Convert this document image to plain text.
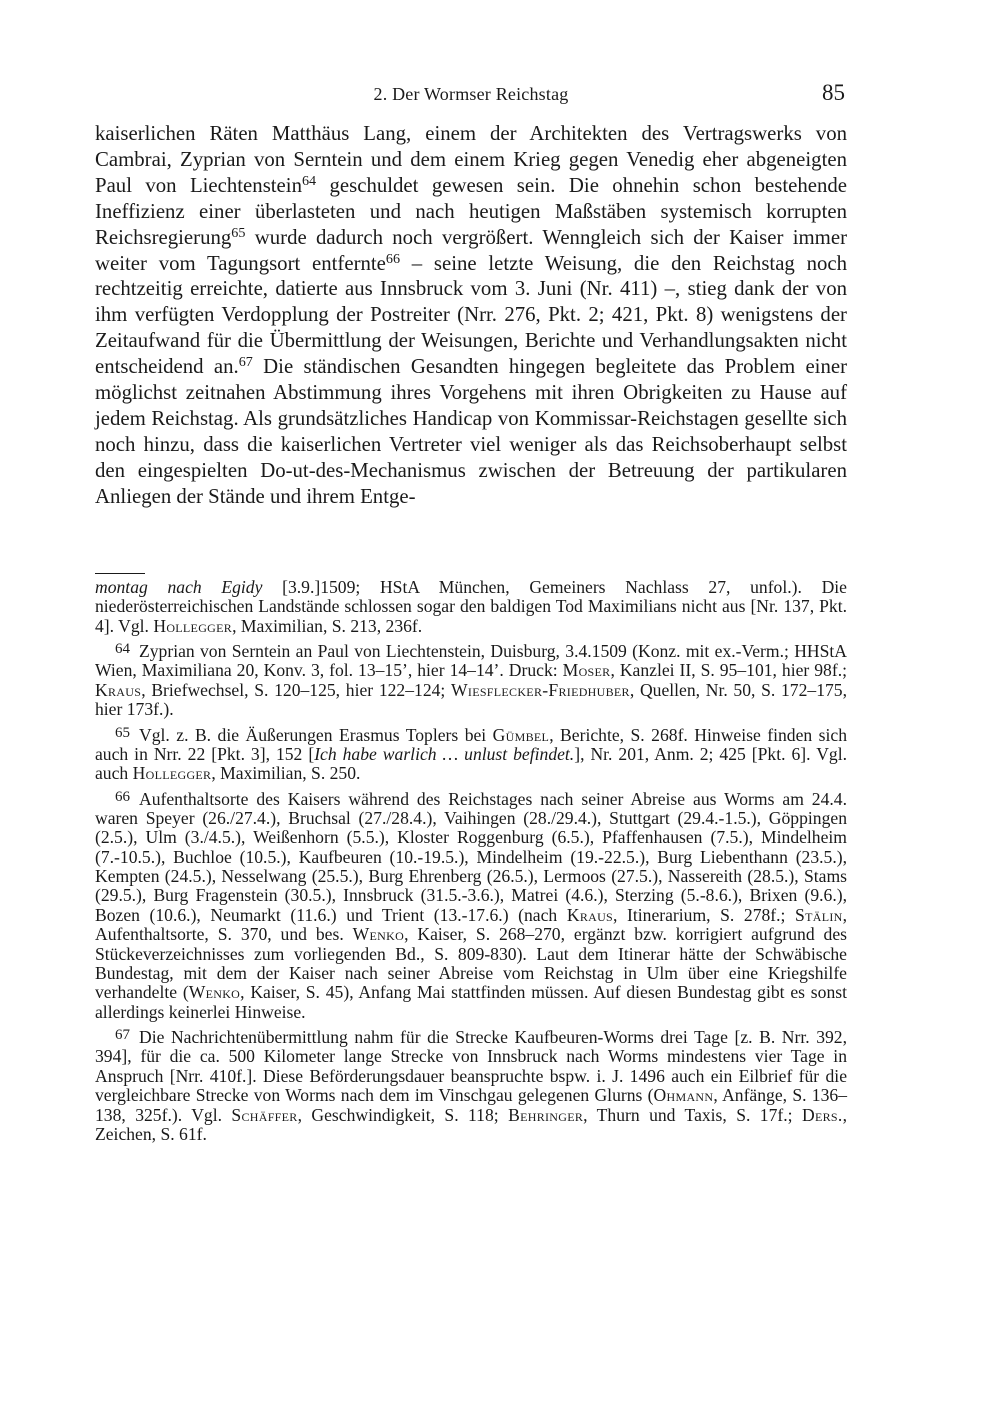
2. Der Wormser Reichstag	85

kaiserlichen Räten Matthäus Lang, einem der Architekten des Vertragswerks von Cambrai, Zyprian von Serntein und dem einem Krieg gegen Venedig eher abgeneigten Paul von Liechtenstein$^{64}$ geschuldet gewesen sein. Die ohnehin schon bestehende Ineffizienz einer überlasteten und nach heutigen Maßstäben systemisch korrupten Reichsregierung$^{65}$ wurde dadurch noch vergrößert. Wenngleich sich der Kaiser immer weiter vom Tagungsort entfernte$^{66}$ – seine letzte Weisung, die den Reichstag noch rechtzeitig erreichte, datierte aus Innsbruck vom 3. Juni (Nr. 411) –, stieg dank der von ihm verfügten Verdopplung der Postreiter (Nrr. 276, Pkt. 2; 421, Pkt. 8) wenigstens der Zeitaufwand für die Übermittlung der Weisungen, Berichte und Verhandlungsakten nicht entscheidend an.$^{67}$ Die ständischen Gesandten hingegen begleitete das Problem einer möglichst zeitnahen Abstimmung ihres Vorgehens mit ihren Obrigkeiten zu Hause auf jedem Reichstag. Als grundsätzliches Handicap von Kommissar-Reichstagen gesellte sich noch hinzu, dass die kaiserlichen Vertreter viel weniger als das Reichsoberhaupt selbst den eingespielten Do-ut-des-Mechanismus zwischen der Betreuung der partikularen Anliegen der Stände und ihrem Entge-

montag nach Egidy [3.9.]1509; HStA München, Gemeiners Nachlass 27, unfol.). Die niederösterreichischen Landstände schlossen sogar den baldigen Tod Maximilians nicht aus [Nr. 137, Pkt. 4]. Vgl. Hollegger, Maximilian, S. 213, 236f.

64 Zyprian von Serntein an Paul von Liechtenstein, Duisburg, 3.4.1509 (Konz. mit ex.-Verm.; HHStA Wien, Maximiliana 20, Konv. 3, fol. 13–15’, hier 14–14’. Druck: Moser, Kanzlei II, S. 95–101, hier 98f.; Kraus, Briefwechsel, S. 120–125, hier 122–124; Wiesflecker-Friedhuber, Quellen, Nr. 50, S. 172–175, hier 173f.).

65 Vgl. z. B. die Äußerungen Erasmus Toplers bei Gümbel, Berichte, S. 268f. Hinweise finden sich auch in Nrr. 22 [Pkt. 3], 152 [Ich habe warlich … unlust befindet.], Nr. 201, Anm. 2; 425 [Pkt. 6]. Vgl. auch Hollegger, Maximilian, S. 250.

66 Aufenthaltsorte des Kaisers während des Reichstages nach seiner Abreise aus Worms am 24.4. waren Speyer (26./27.4.), Bruchsal (27./28.4.), Vaihingen (28./29.4.), Stuttgart (29.4.-1.5.), Göppingen (2.5.), Ulm (3./4.5.), Weißenhorn (5.5.), Kloster Roggenburg (6.5.), Pfaffenhausen (7.5.), Mindelheim (7.-10.5.), Buchloe (10.5.), Kaufbeuren (10.-19.5.), Mindelheim (19.-22.5.), Burg Liebenthann (23.5.), Kempten (24.5.), Nesselwang (25.5.), Burg Ehrenberg (26.5.), Lermoos (27.5.), Nassereith (28.5.), Stams (29.5.), Burg Fragenstein (30.5.), Innsbruck (31.5.-3.6.), Matrei (4.6.), Sterzing (5.-8.6.), Brixen (9.6.), Bozen (10.6.), Neumarkt (11.6.) und Trient (13.-17.6.) (nach Kraus, Itinerarium, S. 278f.; Stälin, Aufenthaltsorte, S. 370, und bes. Wenko, Kaiser, S. 268–270, ergänzt bzw. korrigiert aufgrund des Stückeverzeichnisses zum vorliegenden Bd., S. 809-830). Laut dem Itinerar hätte der Schwäbische Bundestag, mit dem der Kaiser nach seiner Abreise vom Reichstag in Ulm über eine Kriegshilfe verhandelte (Wenko, Kaiser, S. 45), Anfang Mai stattfinden müssen. Auf diesen Bundestag gibt es sonst allerdings keinerlei Hinweise.

67 Die Nachrichtenübermittlung nahm für die Strecke Kaufbeuren-Worms drei Tage [z. B. Nrr. 392, 394], für die ca. 500 Kilometer lange Strecke von Innsbruck nach Worms mindestens vier Tage in Anspruch [Nrr. 410f.]. Diese Beförderungsdauer beanspruchte bspw. i. J. 1496 auch ein Eilbrief für die vergleichbare Strecke von Worms nach dem im Vinschgau gelegenen Glurns (Ohmann, Anfänge, S. 136–138, 325f.). Vgl. Schäffer, Geschwindigkeit, S. 118; Behringer, Thurn und Taxis, S. 17f.; Ders., Zeichen, S. 61f.
